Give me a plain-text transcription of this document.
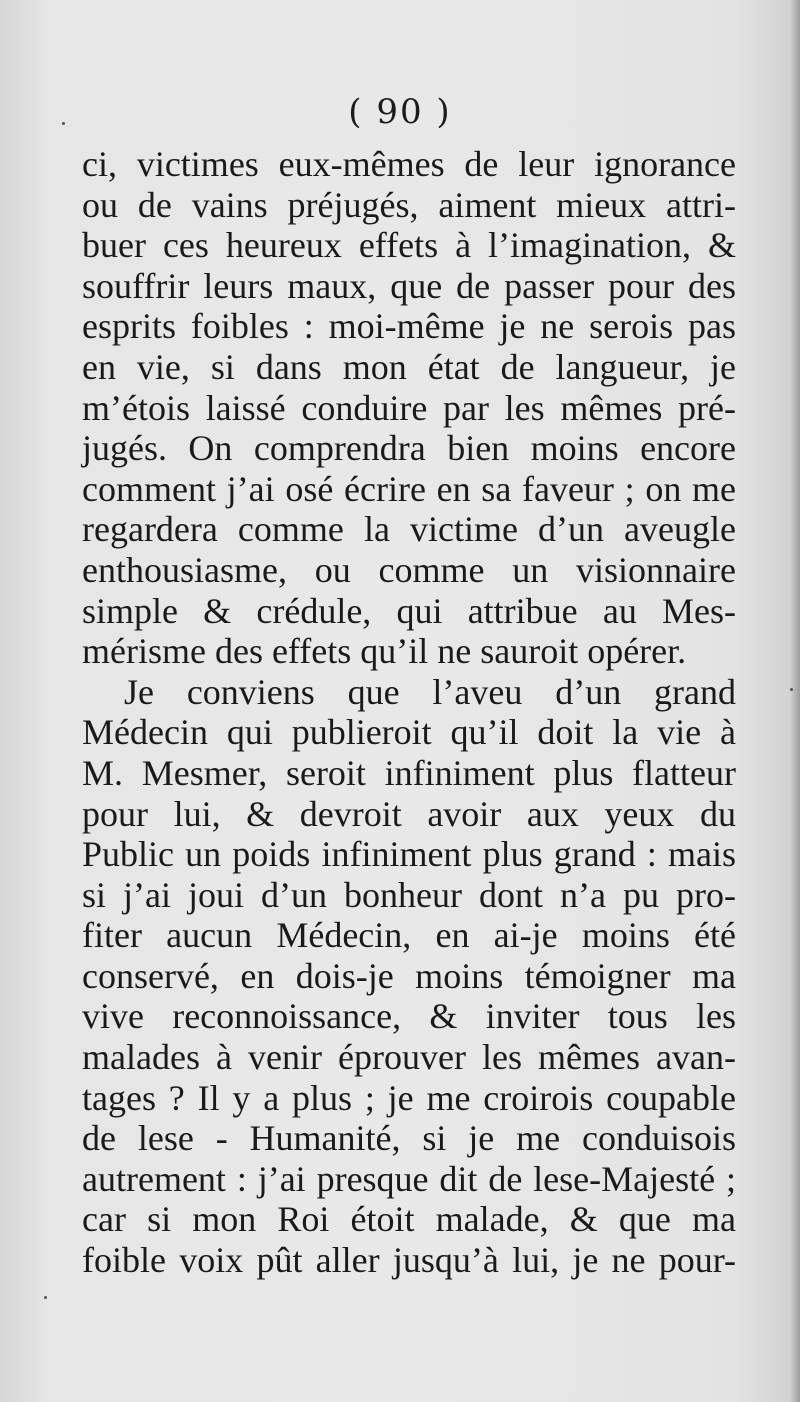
( 90 )
ci, victimes eux-mêmes de leur ignorance
ou de vains préjugés, aiment mieux attri-
buer ces heureux effets à l’imagination, &
souffrir leurs maux, que de passer pour des
esprits foibles : moi-même je ne serois pas
en vie, si dans mon état de langueur, je
m’étois laissé conduire par les mêmes pré-
jugés. On comprendra bien moins encore
comment j’ai osé écrire en sa faveur ; on me
regardera comme la victime d’un aveugle
enthousiasme, ou comme un visionnaire
simple & crédule, qui attribue au Mes-
mérisme des effets qu’il ne sauroit opérer.
Je conviens que l’aveu d’un grand
Médecin qui publieroit qu’il doit la vie à
M. Mesmer, seroit infiniment plus flatteur
pour lui, & devroit avoir aux yeux du
Public un poids infiniment plus grand : mais
si j’ai joui d’un bonheur dont n’a pu pro-
fiter aucun Médecin, en ai-je moins été
conservé, en dois-je moins témoigner ma
vive reconnoissance, & inviter tous les
malades à venir éprouver les mêmes avan-
tages ? Il y a plus ; je me croirois coupable
de lese - Humanité, si je me conduisois
autrement : j’ai presque dit de lese-Majesté ;
car si mon Roi étoit malade, & que ma
foible voix pût aller jusqu’à lui, je ne pour-
